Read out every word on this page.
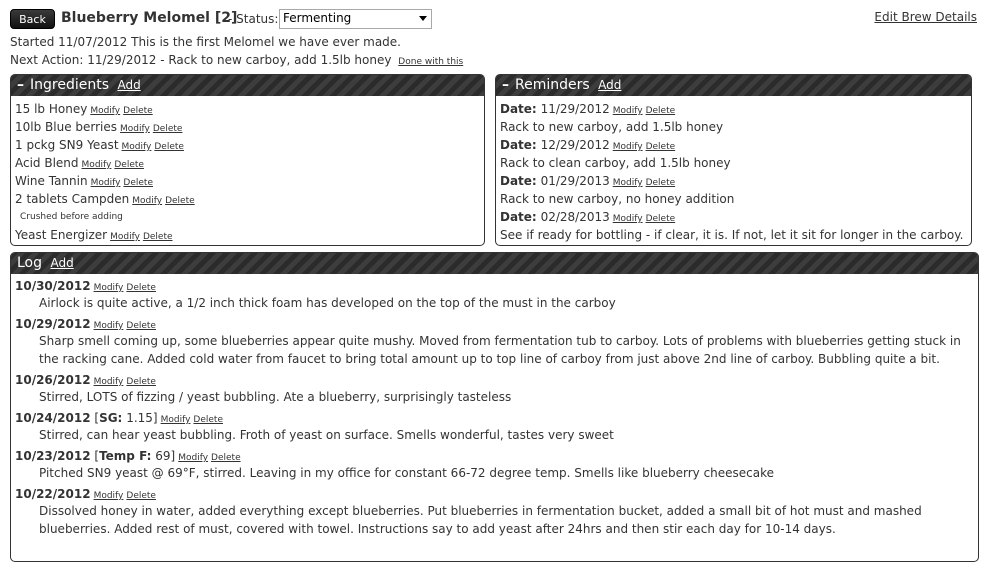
Back	Blueberry Melomel [2]
- Status: Fermenting	Edit Brew Details
Started 11/07/2012 This is the first Melomel we have ever made.
Next Action: 11/29/2012 - Rack to new carboy, add 1.5lb honey Done with this
– Ingredients Add
15 lb Honey Modify Delete
10lb Blue berries Modify Delete
1 pckg SN9 Yeast Modify Delete
Acid Blend Modify Delete
Wine Tannin Modify Delete
2 tablets Campden Modify Delete
Crushed before adding
Yeast Energizer Modify Delete
– Reminders Add
Date: 11/29/2012 Modify Delete
Rack to new carboy, add 1.5lb honey
Date: 12/29/2012 Modify Delete
Rack to clean carboy, add 1.5lb honey
Date: 01/29/2013 Modify Delete
Rack to new carboy, no honey addition
Date: 02/28/2013 Modify Delete
See if ready for bottling - if clear, it is. If not, let it sit for longer in the carboy.
Log Add
10/30/2012 Modify Delete
Airlock is quite active, a 1/2 inch thick foam has developed on the top of the must in the carboy
10/29/2012 Modify Delete
Sharp smell coming up, some blueberries appear quite mushy. Moved from fermentation tub to carboy. Lots of problems with blueberries getting stuck in the racking cane. Added cold water from faucet to bring total amount up to top line of carboy from just above 2nd line of carboy. Bubbling quite a bit.
10/26/2012 Modify Delete
Stirred, LOTS of fizzing / yeast bubbling. Ate a blueberry, surprisingly tasteless
10/24/2012 [SG: 1.15] Modify Delete
Stirred, can hear yeast bubbling. Froth of yeast on surface. Smells wonderful, tastes very sweet
10/23/2012 [Temp F: 69] Modify Delete
Pitched SN9 yeast @ 69°F, stirred. Leaving in my office for constant 66-72 degree temp. Smells like blueberry cheesecake
10/22/2012 Modify Delete
Dissolved honey in water, added everything except blueberries. Put blueberries in fermentation bucket, added a small bit of hot must and mashed blueberries. Added rest of must, covered with towel. Instructions say to add yeast after 24hrs and then stir each day for 10-14 days.
